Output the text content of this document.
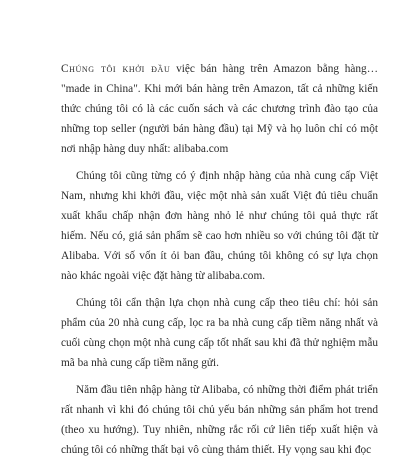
Chúng tôi khởi đầu việc bán hàng trên Amazon bằng hàng… "made in China". Khi mới bán hàng trên Amazon, tất cả những kiến thức chúng tôi có là các cuốn sách và các chương trình đào tạo của những top seller (người bán hàng đầu) tại Mỹ và họ luôn chỉ có một nơi nhập hàng duy nhất: alibaba.com

Chúng tôi cũng từng có ý định nhập hàng của nhà cung cấp Việt Nam, nhưng khi khởi đầu, việc một nhà sản xuất Việt đủ tiêu chuẩn xuất khẩu chấp nhận đơn hàng nhỏ lẻ như chúng tôi quả thực rất hiếm. Nếu có, giá sản phẩm sẽ cao hơn nhiều so với chúng tôi đặt từ Alibaba. Với số vốn ít ỏi ban đầu, chúng tôi không có sự lựa chọn nào khác ngoài việc đặt hàng từ alibaba.com.

Chúng tôi cẩn thận lựa chọn nhà cung cấp theo tiêu chí: hỏi sản phẩm của 20 nhà cung cấp, lọc ra ba nhà cung cấp tiềm năng nhất và cuối cùng chọn một nhà cung cấp tốt nhất sau khi đã thử nghiệm mẫu mã ba nhà cung cấp tiềm năng gửi.

Năm đầu tiên nhập hàng từ Alibaba, có những thời điểm phát triển rất nhanh vì khi đó chúng tôi chủ yếu bán những sản phẩm hot trend (theo xu hướng). Tuy nhiên, những rắc rối cứ liên tiếp xuất hiện và chúng tôi có những thất bại vô cùng thảm thiết. Hy vọng sau khi đọc
